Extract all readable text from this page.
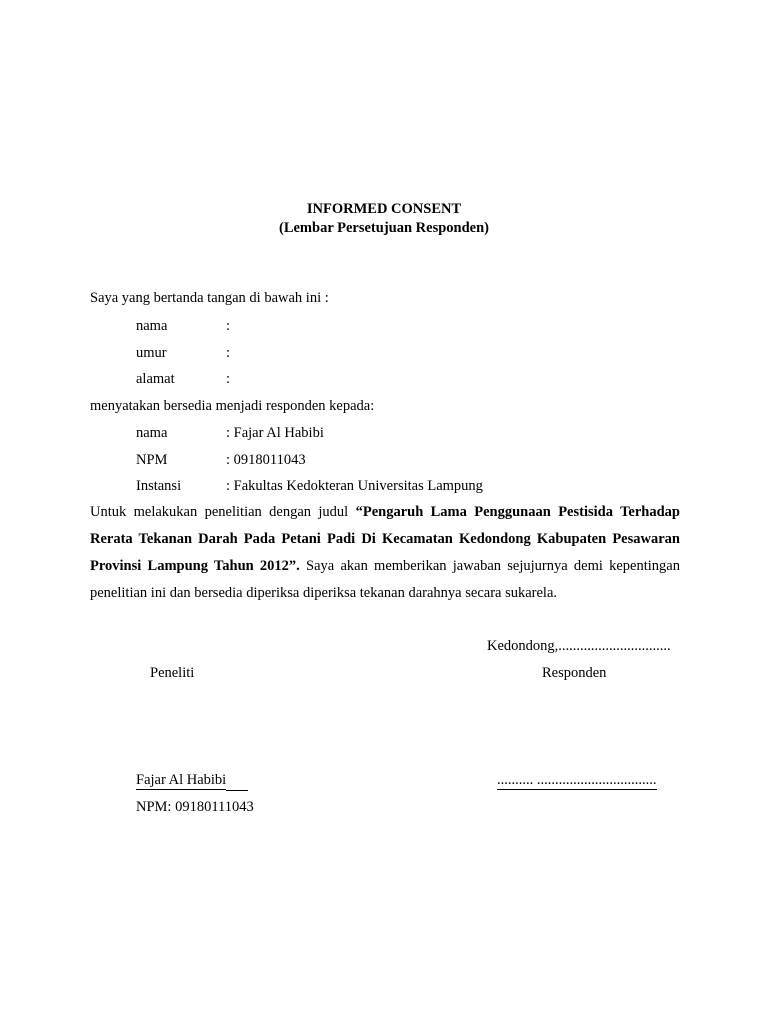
INFORMED CONSENT
(Lembar Persetujuan Responden)
Saya yang bertanda tangan di bawah ini :
nama	:
umur	:
alamat	:
menyatakan bersedia menjadi responden kepada:
nama	: Fajar Al Habibi
NPM	: 0918011043
Instansi	: Fakultas Kedokteran Universitas Lampung
Untuk melakukan penelitian dengan judul “Pengaruh Lama Penggunaan Pestisida Terhadap Rerata Tekanan Darah Pada Petani Padi Di Kecamatan Kedondong Kabupaten Pesawaran Provinsi Lampung Tahun 2012”. Saya akan memberikan jawaban sejujurnya demi kepentingan penelitian ini dan bersedia diperiksa diperiksa tekanan darahnya secara sukarela.
Kedondong,...............................
Peneliti	Responden
Fajar Al Habibi
NPM: 09180111043
.......... .................................
